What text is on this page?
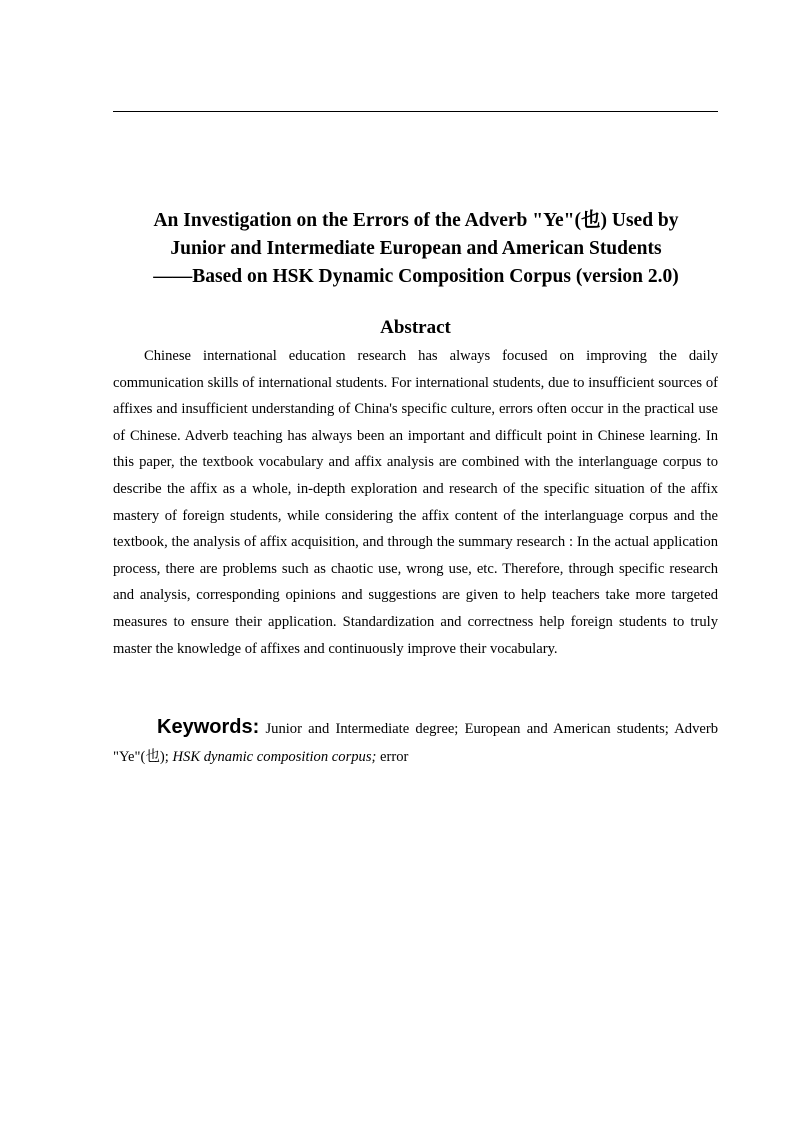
An Investigation on the Errors of the Adverb "Ye"(也) Used by
Junior and Intermediate European and American Students
——Based on HSK Dynamic Composition Corpus (version 2.0)
Abstract

Chinese international education research has always focused on improving the daily communication skills of international students. For international students, due to insufficient sources of affixes and insufficient understanding of China's specific culture, errors often occur in the practical use of Chinese. Adverb teaching has always been an important and difficult point in Chinese learning. In this paper, the textbook vocabulary and affix analysis are combined with the interlanguage corpus to describe the affix as a whole, in-depth exploration and research of the specific situation of the affix mastery of foreign students, while considering the affix content of the interlanguage corpus and the textbook, the analysis of affix acquisition, and through the summary research : In the actual application process, there are problems such as chaotic use, wrong use, etc. Therefore, through specific research and analysis, corresponding opinions and suggestions are given to help teachers take more targeted measures to ensure their application. Standardization and correctness help foreign students to truly master the knowledge of affixes and continuously improve their vocabulary.

Keywords: Junior and Intermediate degree; European and American students; Adverb "Ye"(也); HSK dynamic composition corpus; error
